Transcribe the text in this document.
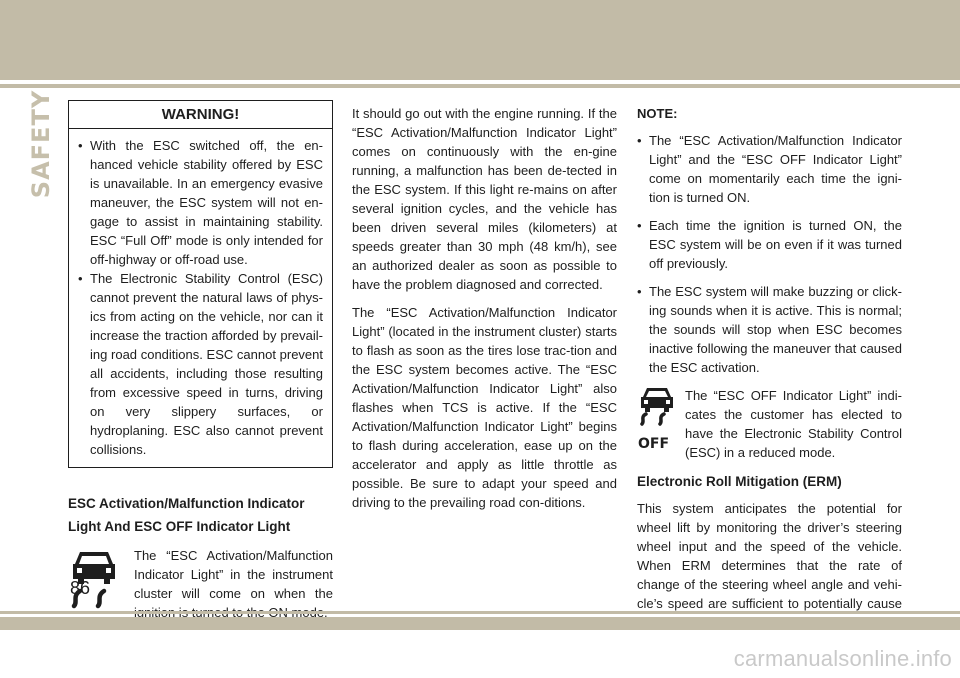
SAFETY	WARNING!
• With the ESC switched off, the en-hanced vehicle stability offered by ESC is unavailable. In an emergency evasive maneuver, the ESC system will not en-gage to assist in maintaining stability. ESC “Full Off” mode is only intended for off-highway or off-road use.
• The Electronic Stability Control (ESC) cannot prevent the natural laws of phys-ics from acting on the vehicle, nor can it increase the traction afforded by prevail-ing road conditions. ESC cannot prevent all accidents, including those resulting from excessive speed in turns, driving on very slippery surfaces, or hydroplaning. ESC also cannot prevent collisions.
ESC Activation/Malfunction Indicator Light And ESC OFF Indicator Light

The “ESC Activation/Malfunction Indicator Light” in the instrument cluster will come on when the

It should go out with the engine running. If the “ESC Activation/Malfunction Indicator Light” comes on continuously with the en-gine running, a malfunction has been de-tected in the ESC system. If this light re-mains on after several ignition cycles, and the vehicle has been driven several miles (kilometers) at speeds greater than 30 mph (48 km/h), see an authorized dealer as soon as possible to have the problem diagnosed and corrected.

The “ESC Activation/Malfunction Indicator Light” (located in the instrument cluster) starts to flash as soon as the tires lose trac-tion and the ESC system becomes active. The “ESC Activation/Malfunction Indicator Light” also flashes when TCS is active. If the “ESC Activation/Malfunction Indicator Light” begins to flash during acceleration, ease up on the accelerator and apply as little throttle as possible. Be sure to adapt your speed and driving to the prevailing road con-ditions.

NOTE:
• The “ESC Activation/Malfunction Indicator Light” and the “ESC OFF Indicator Light” come on momentarily each time the igni-tion is turned ON.
• Each time the ignition is turned ON, the ESC system will be on even if it was turned off previously.
• The ESC system will make buzzing or click-ing sounds when it is active. This is normal; the sounds will stop when ESC becomes inactive following the maneuver that caused the ESC activation.
OFF

The “ESC OFF Indicator Light” indi-cates the customer has elected to have the Electronic Stability Control (ESC) in a reduced mode.

Electronic Roll Mitigation (ERM)

This system anticipates the potential for wheel lift by monitoring the driver’s steering wheel input and the speed of the vehicle. When ERM determines that the rate of change of the steering wheel angle and vehi-cle’s speed are sufficient to potentially cause

86
carmanualsonline.info
